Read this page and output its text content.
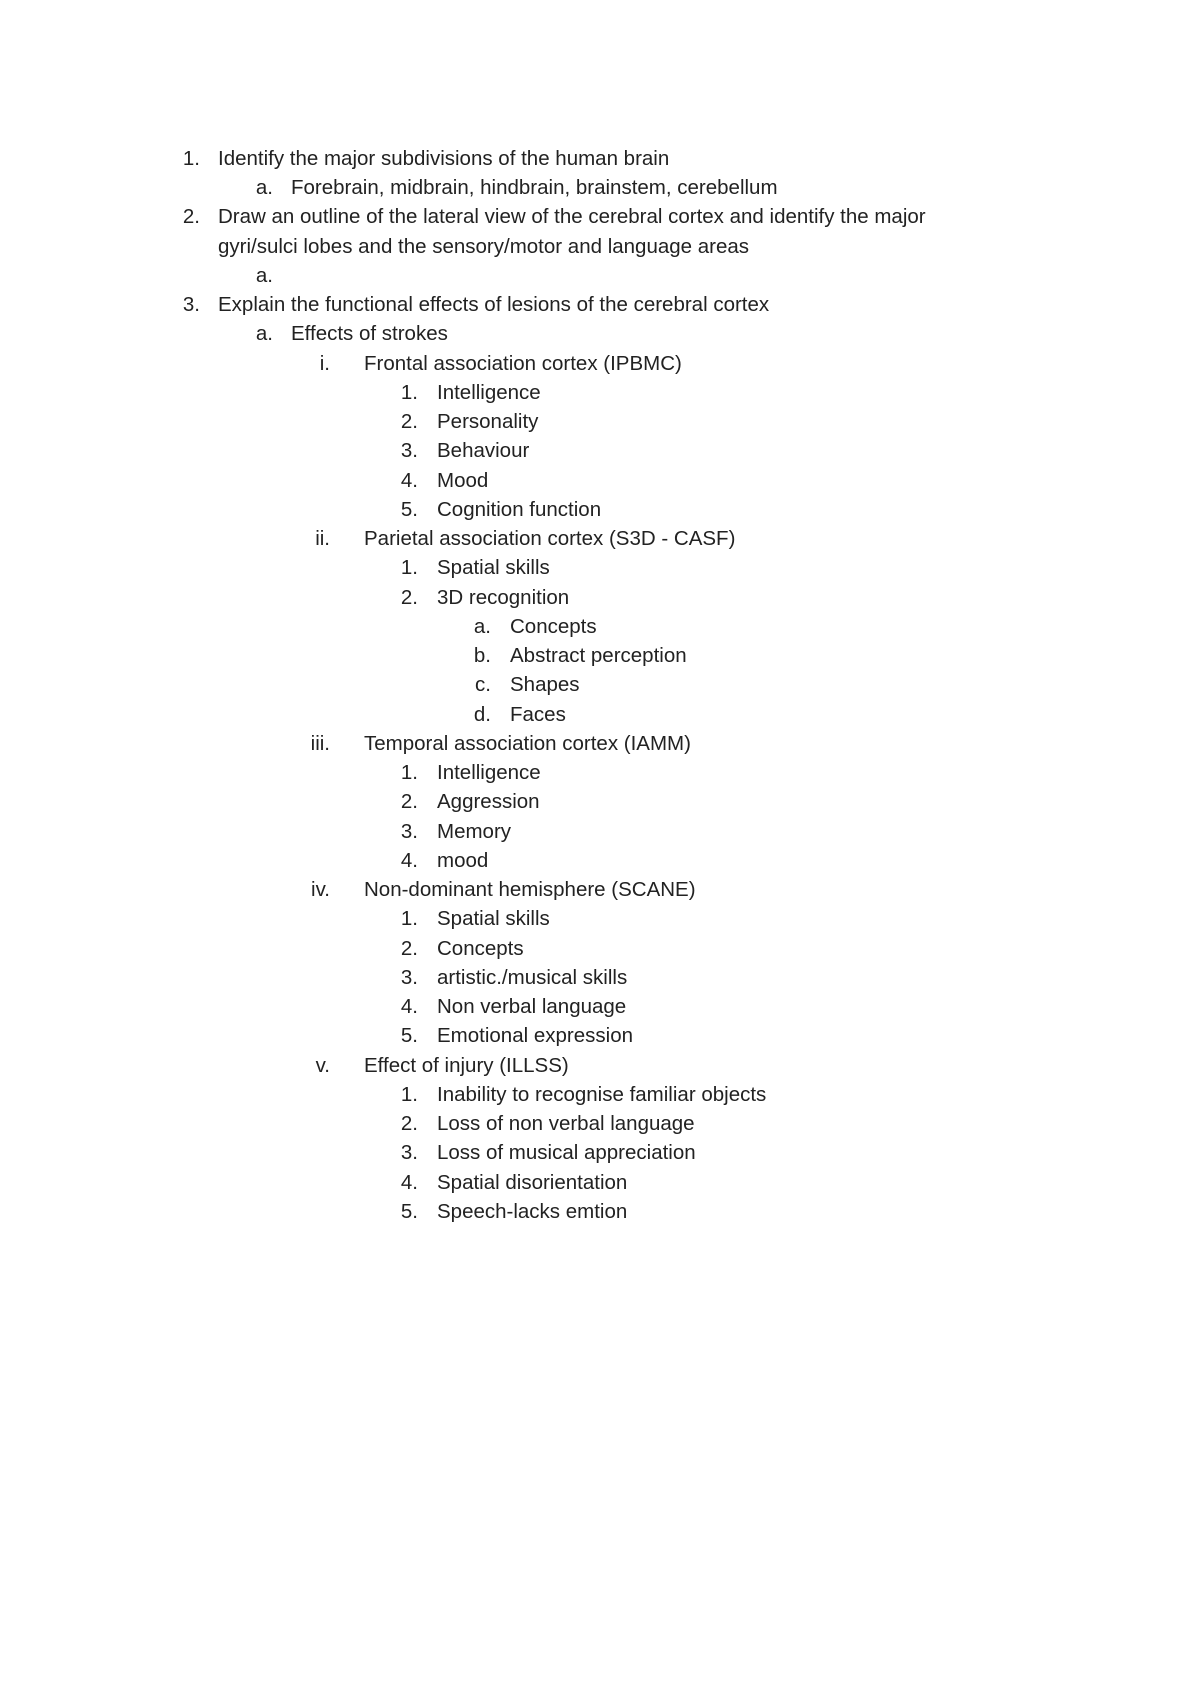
1. Identify the major subdivisions of the human brain
a. Forebrain, midbrain, hindbrain, brainstem, cerebellum
2. Draw an outline of the lateral view of the cerebral cortex and identify the major
gyri/sulci lobes and the sensory/motor and language areas
a.
3. Explain the functional effects of lesions of the cerebral cortex
a. Effects of strokes
i. Frontal association cortex (IPBMC)
1. Intelligence
2. Personality
3. Behaviour
4. Mood
5. Cognition function
ii. Parietal association cortex (S3D - CASF)
1. Spatial skills
2. 3D recognition
a. Concepts
b. Abstract perception
c. Shapes
d. Faces
iii. Temporal association cortex (IAMM)
1. Intelligence
2. Aggression
3. Memory
4. mood
iv. Non-dominant hemisphere (SCANE)
1. Spatial skills
2. Concepts
3. artistic./musical skills
4. Non verbal language
5. Emotional expression
v. Effect of injury (ILLSS)
1. Inability to recognise familiar objects
2. Loss of non verbal language
3. Loss of musical appreciation
4. Spatial disorientation
5. Speech-lacks emtion
